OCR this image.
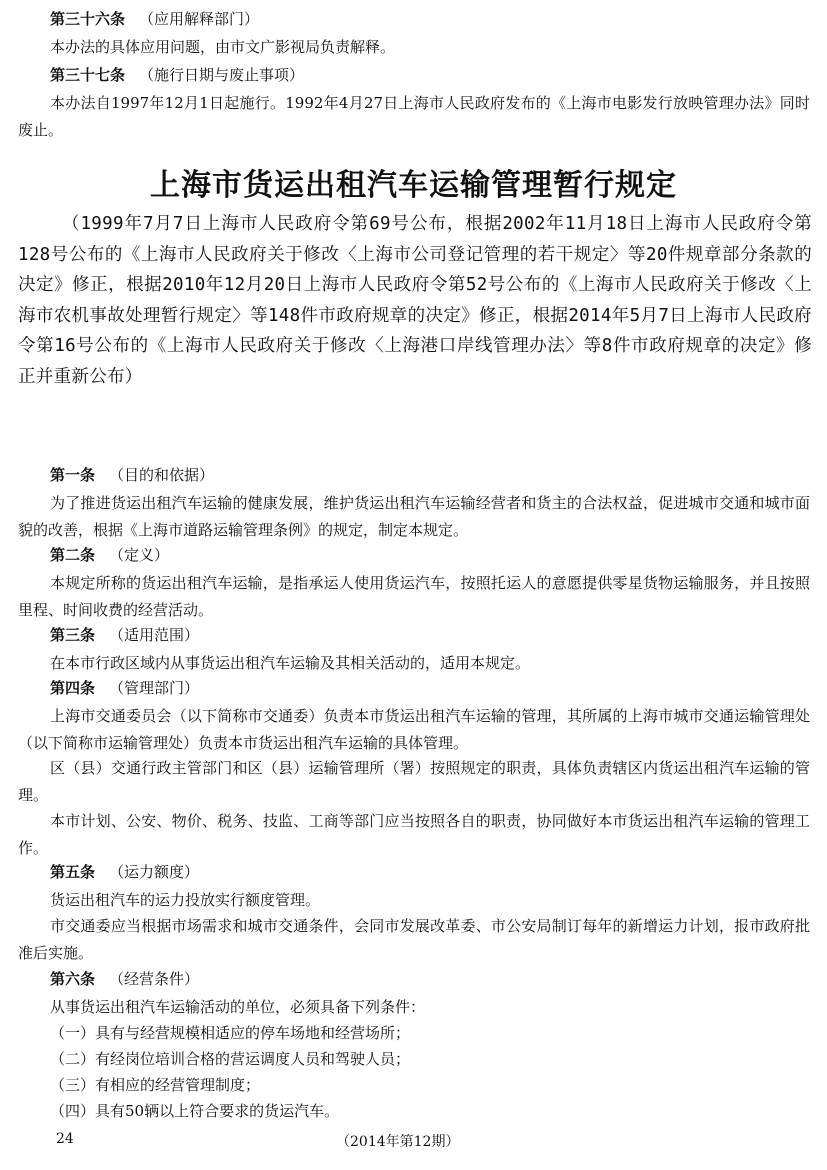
第三十六条 （应用解释部门）

本办法的具体应用问题，由市文广影视局负责解释。

第三十七条 （施行日期与废止事项）

本办法自1997年12月1日起施行。1992年4月27日上海市人民政府发布的《上海市电影发行放映管理办法》同时废止。

上海市货运出租汽车运输管理暂行规定

（1999年7月7日上海市人民政府令第69号公布，根据2002年11月18日上海市人民政府令第128号公布的《上海市人民政府关于修改〈上海市公司登记管理的若干规定〉等20件规章部分条款的决定》修正，根据2010年12月20日上海市人民政府令第52号公布的《上海市人民政府关于修改〈上海市农机事故处理暂行规定〉等148件市政府规章的决定》修正，根据2014年5月7日上海市人民政府令第16号公布的《上海市人民政府关于修改〈上海港口岸线管理办法〉等8件市政府规章的决定》修正并重新公布）

第一条 （目的和依据）

为了推进货运出租汽车运输的健康发展，维护货运出租汽车运输经营者和货主的合法权益，促进城市交通和城市面貌的改善，根据《上海市道路运输管理条例》的规定，制定本规定。

第二条 （定义）

本规定所称的货运出租汽车运输，是指承运人使用货运汽车，按照托运人的意愿提供零星货物运输服务，并且按照里程、时间收费的经营活动。

第三条 （适用范围）

在本市行政区域内从事货运出租汽车运输及其相关活动的，适用本规定。

第四条 （管理部门）

上海市交通委员会（以下简称市交通委）负责本市货运出租汽车运输的管理，其所属的上海市城市交通运输管理处（以下简称市运输管理处）负责本市货运出租汽车运输的具体管理。

区（县）交通行政主管部门和区（县）运输管理所（署）按照规定的职责，具体负责辖区内货运出租汽车运输的管理。

本市计划、公安、物价、税务、技监、工商等部门应当按照各自的职责，协同做好本市货运出租汽车运输的管理工作。

第五条 （运力额度）

货运出租汽车的运力投放实行额度管理。

市交通委应当根据市场需求和城市交通条件，会同市发展改革委、市公安局制订每年的新增运力计划，报市政府批准后实施。

第六条 （经营条件）

从事货运出租汽车运输活动的单位，必须具备下列条件：

（一）具有与经营规模相适应的停车场地和经营场所；

（二）有经岗位培训合格的营运调度人员和驾驶人员；

（三）有相应的经营管理制度；

（四）具有50辆以上符合要求的货运汽车。

24	（2014年第12期）
